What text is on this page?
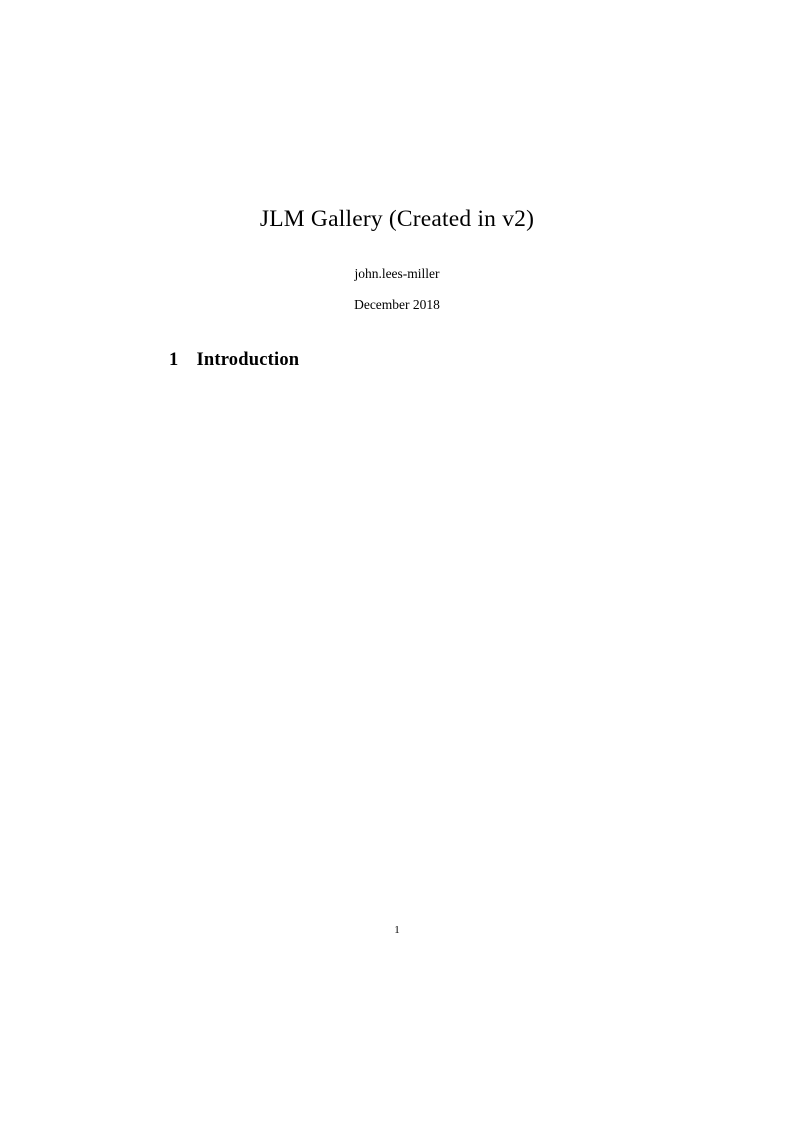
JLM Gallery (Created in v2)
john.lees-miller
December 2018
1 Introduction
1
